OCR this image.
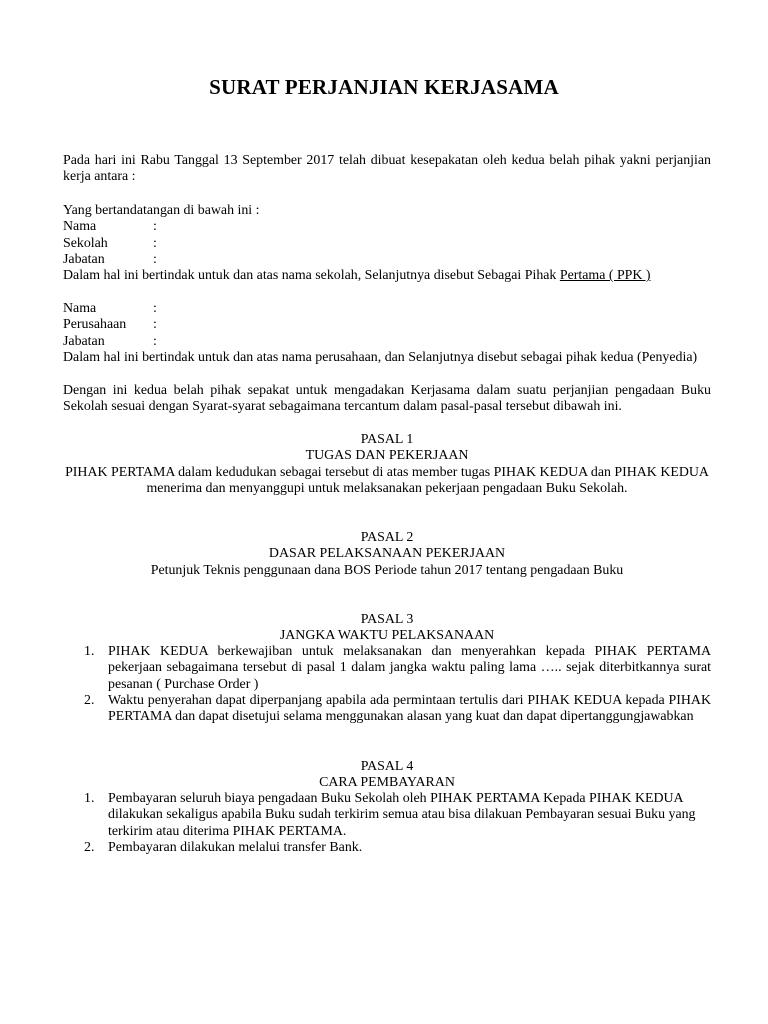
SURAT PERJANJIAN KERJASAMA
Pada hari ini Rabu Tanggal 13 September 2017 telah dibuat kesepakatan oleh kedua belah pihak yakni perjanjian kerja antara :
Yang bertandatangan di bawah ini :
Nama	:
Sekolah	:
Jabatan	:
Dalam hal ini bertindak untuk dan atas nama sekolah, Selanjutnya disebut Sebagai Pihak Pertama ( PPK )
Nama	:
Perusahaan :
Jabatan	:
Dalam hal ini bertindak untuk dan atas nama perusahaan, dan Selanjutnya disebut sebagai pihak kedua (Penyedia)
Dengan ini kedua belah pihak sepakat untuk mengadakan Kerjasama dalam suatu perjanjian pengadaan Buku Sekolah sesuai dengan Syarat-syarat sebagaimana tercantum dalam pasal-pasal tersebut dibawah ini.
PASAL 1
TUGAS DAN PEKERJAAN
PIHAK PERTAMA dalam kedudukan sebagai tersebut di atas member tugas PIHAK KEDUA dan PIHAK KEDUA
menerima dan menyanggupi untuk melaksanakan pekerjaan pengadaan Buku Sekolah.
PASAL 2
DASAR PELAKSANAAN PEKERJAAN
Petunjuk Teknis penggunaan dana BOS Periode tahun 2017 tentang pengadaan Buku
PASAL 3
JANGKA WAKTU PELAKSANAAN
1. PIHAK KEDUA berkewajiban untuk melaksanakan dan menyerahkan kepada PIHAK PERTAMA pekerjaan sebagaimana tersebut di pasal 1 dalam jangka waktu paling lama ….. sejak diterbitkannya surat pesanan ( Purchase Order )
2. Waktu penyerahan dapat diperpanjang apabila ada permintaan tertulis dari PIHAK KEDUA kepada PIHAK PERTAMA dan dapat disetujui selama menggunakan alasan yang kuat dan dapat dipertanggungjawabkan
PASAL 4
CARA PEMBAYARAN
1. Pembayaran seluruh biaya pengadaan Buku Sekolah oleh PIHAK PERTAMA Kepada PIHAK KEDUA dilakukan sekaligus apabila Buku sudah terkirim semua atau bisa dilakuan Pembayaran sesuai Buku yang terkirim atau diterima PIHAK PERTAMA.
2. Pembayaran dilakukan melalui transfer Bank.
